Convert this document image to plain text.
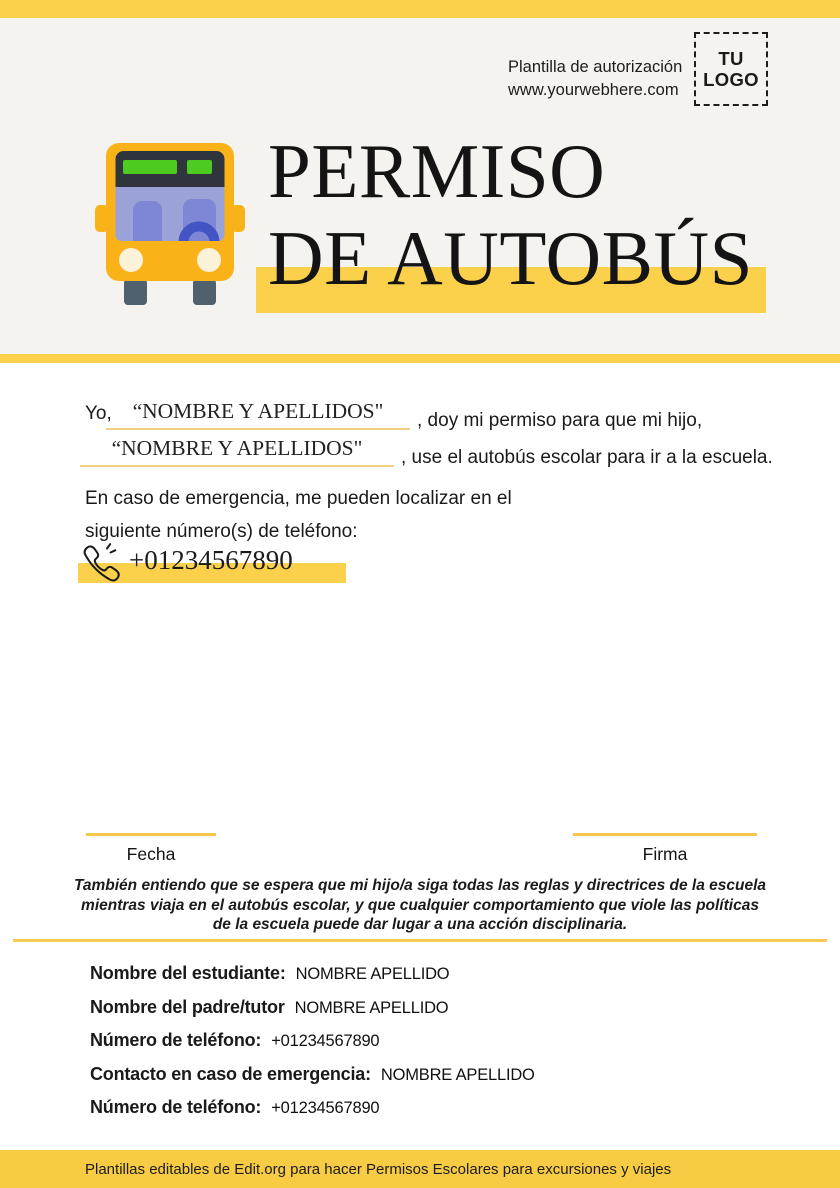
Plantilla de autorización
www.yourwebhere.com
TU
LOGO
PERMISO
DE AUTOBÚS
Yo, “NOMBRE Y APELLIDOS"	, doy mi permiso para que mi hijo,
“NOMBRE Y APELLIDOS"	, use el autobús escolar para ir a la escuela.
En caso de emergencia, me pueden localizar en el
siguiente número(s) de teléfono:
+01234567890
Fecha	Firma
También entiendo que se espera que mi hijo/a siga todas las reglas y directrices de la escuela mientras viaja en el autobús escolar, y que cualquier comportamiento que viole las políticas de la escuela puede dar lugar a una acción disciplinaria.
Nombre del estudiante: NOMBRE APELLIDO
Nombre del padre/tutor NOMBRE APELLIDO
Número de teléfono: +01234567890
Contacto en caso de emergencia: NOMBRE APELLIDO
Número de teléfono: +01234567890
Plantillas editables de Edit.org para hacer Permisos Escolares para excursiones y viajes
